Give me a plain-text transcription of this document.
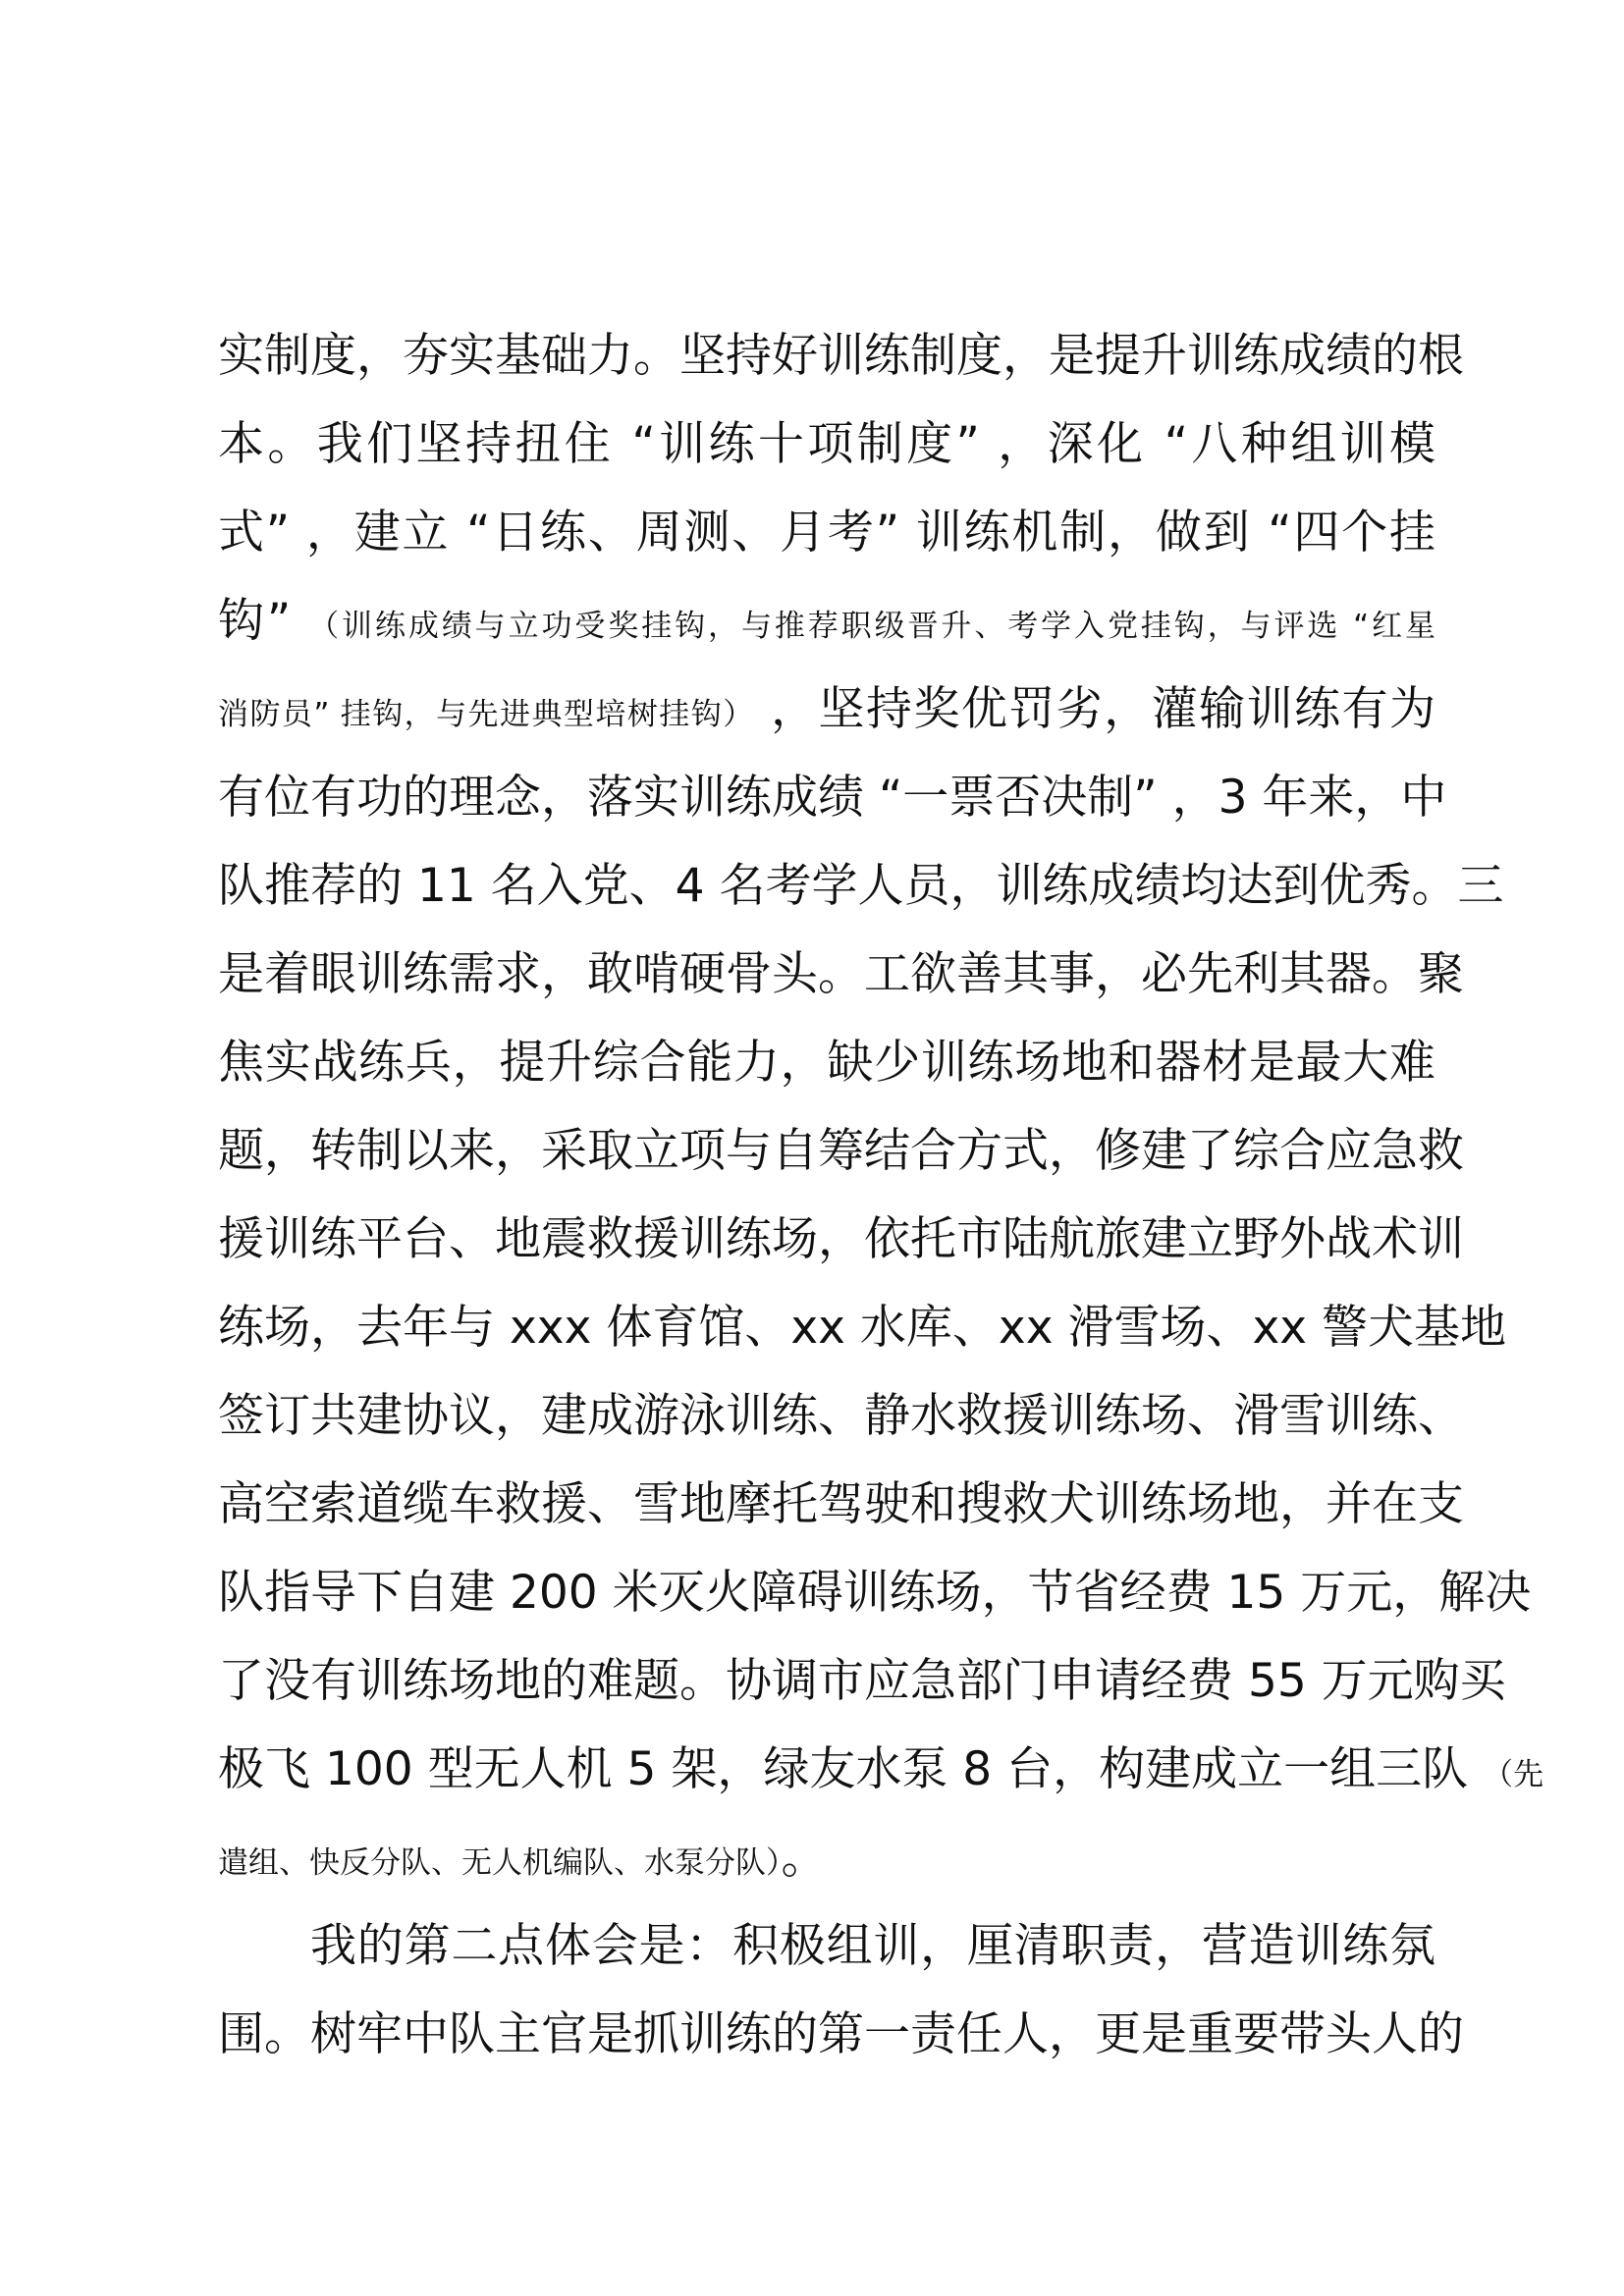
实制度，夯实基础力。坚持好训练制度，是提升训练成绩的根
本。我们坚持扭住 “训练十项制度” ，深化 “八种组训模
式” ，建立 “日练、周测、月考” 训练机制，做到 “四个挂
钩” （训练成绩与立功受奖挂钩，与推荐职级晋升、考学入党挂钩，与评选 “红星
消防员” 挂钩，与先进典型培树挂钩） ，坚持奖优罚劣，灌输训练有为
有位有功的理念，落实训练成绩 “一票否决制” ，3 年来，中
队推荐的 11 名入党、4 名考学人员，训练成绩均达到优秀。三
是着眼训练需求，敢啃硬骨头。工欲善其事，必先利其器。聚
焦实战练兵，提升综合能力，缺少训练场地和器材是最大难
题，转制以来，采取立项与自筹结合方式，修建了综合应急救
援训练平台、地震救援训练场，依托市陆航旅建立野外战术训
练场，去年与 xxx 体育馆、xx 水库、xx 滑雪场、xx 警犬基地
签订共建协议，建成游泳训练、静水救援训练场、滑雪训练、
高空索道缆车救援、雪地摩托驾驶和搜救犬训练场地，并在支
队指导下自建 200 米灭火障碍训练场，节省经费 15 万元，解决
了没有训练场地的难题。协调市应急部门申请经费 55 万元购买
极飞 100 型无人机 5 架，绿友水泵 8 台，构建成立一组三队 （先
遣组、快反分队、无人机编队、水泵分队）。
我的第二点体会是：积极组训，厘清职责，营造训练氛
围。树牢中队主官是抓训练的第一责任人，更是重要带头人的
